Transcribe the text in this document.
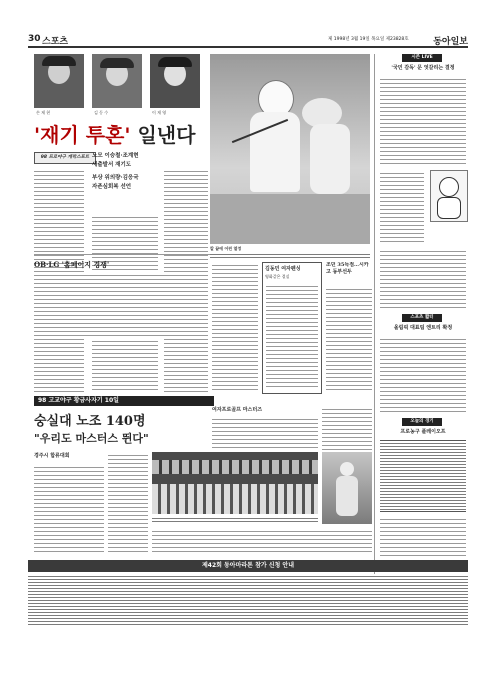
30 스포츠	제 1998년 3월 19일 목요일 제23828호	동아일보
손 제 현	김 동 수	이 재 영
'재기 투혼' 일낸다
98 프로야구 개막스포트 노모 이승철·조계현
새출발서 재기도
부상 위의량·김응국
자존심회복 선언
칼 끝에 어린 열정
시즌 LIVE
'국민 감독' 문 엇갈리는 결정
스포츠 짧터
올림픽 대표팀 엔트리 확정
오늘의 경기
프로농구 플레이오프
OB·LG '홈페이지 경쟁'	김동민 여자펜싱
영화같은 결실
조던 35득점…시카고 동부선두
98 고교야구 황금사자기 10일
숭실대 노조 140명
"우리도 마스터스 뛴다"
경주시 합류대회
여자프로골프 마스터즈
제42회 동아마라톤 참가 신청 안내
